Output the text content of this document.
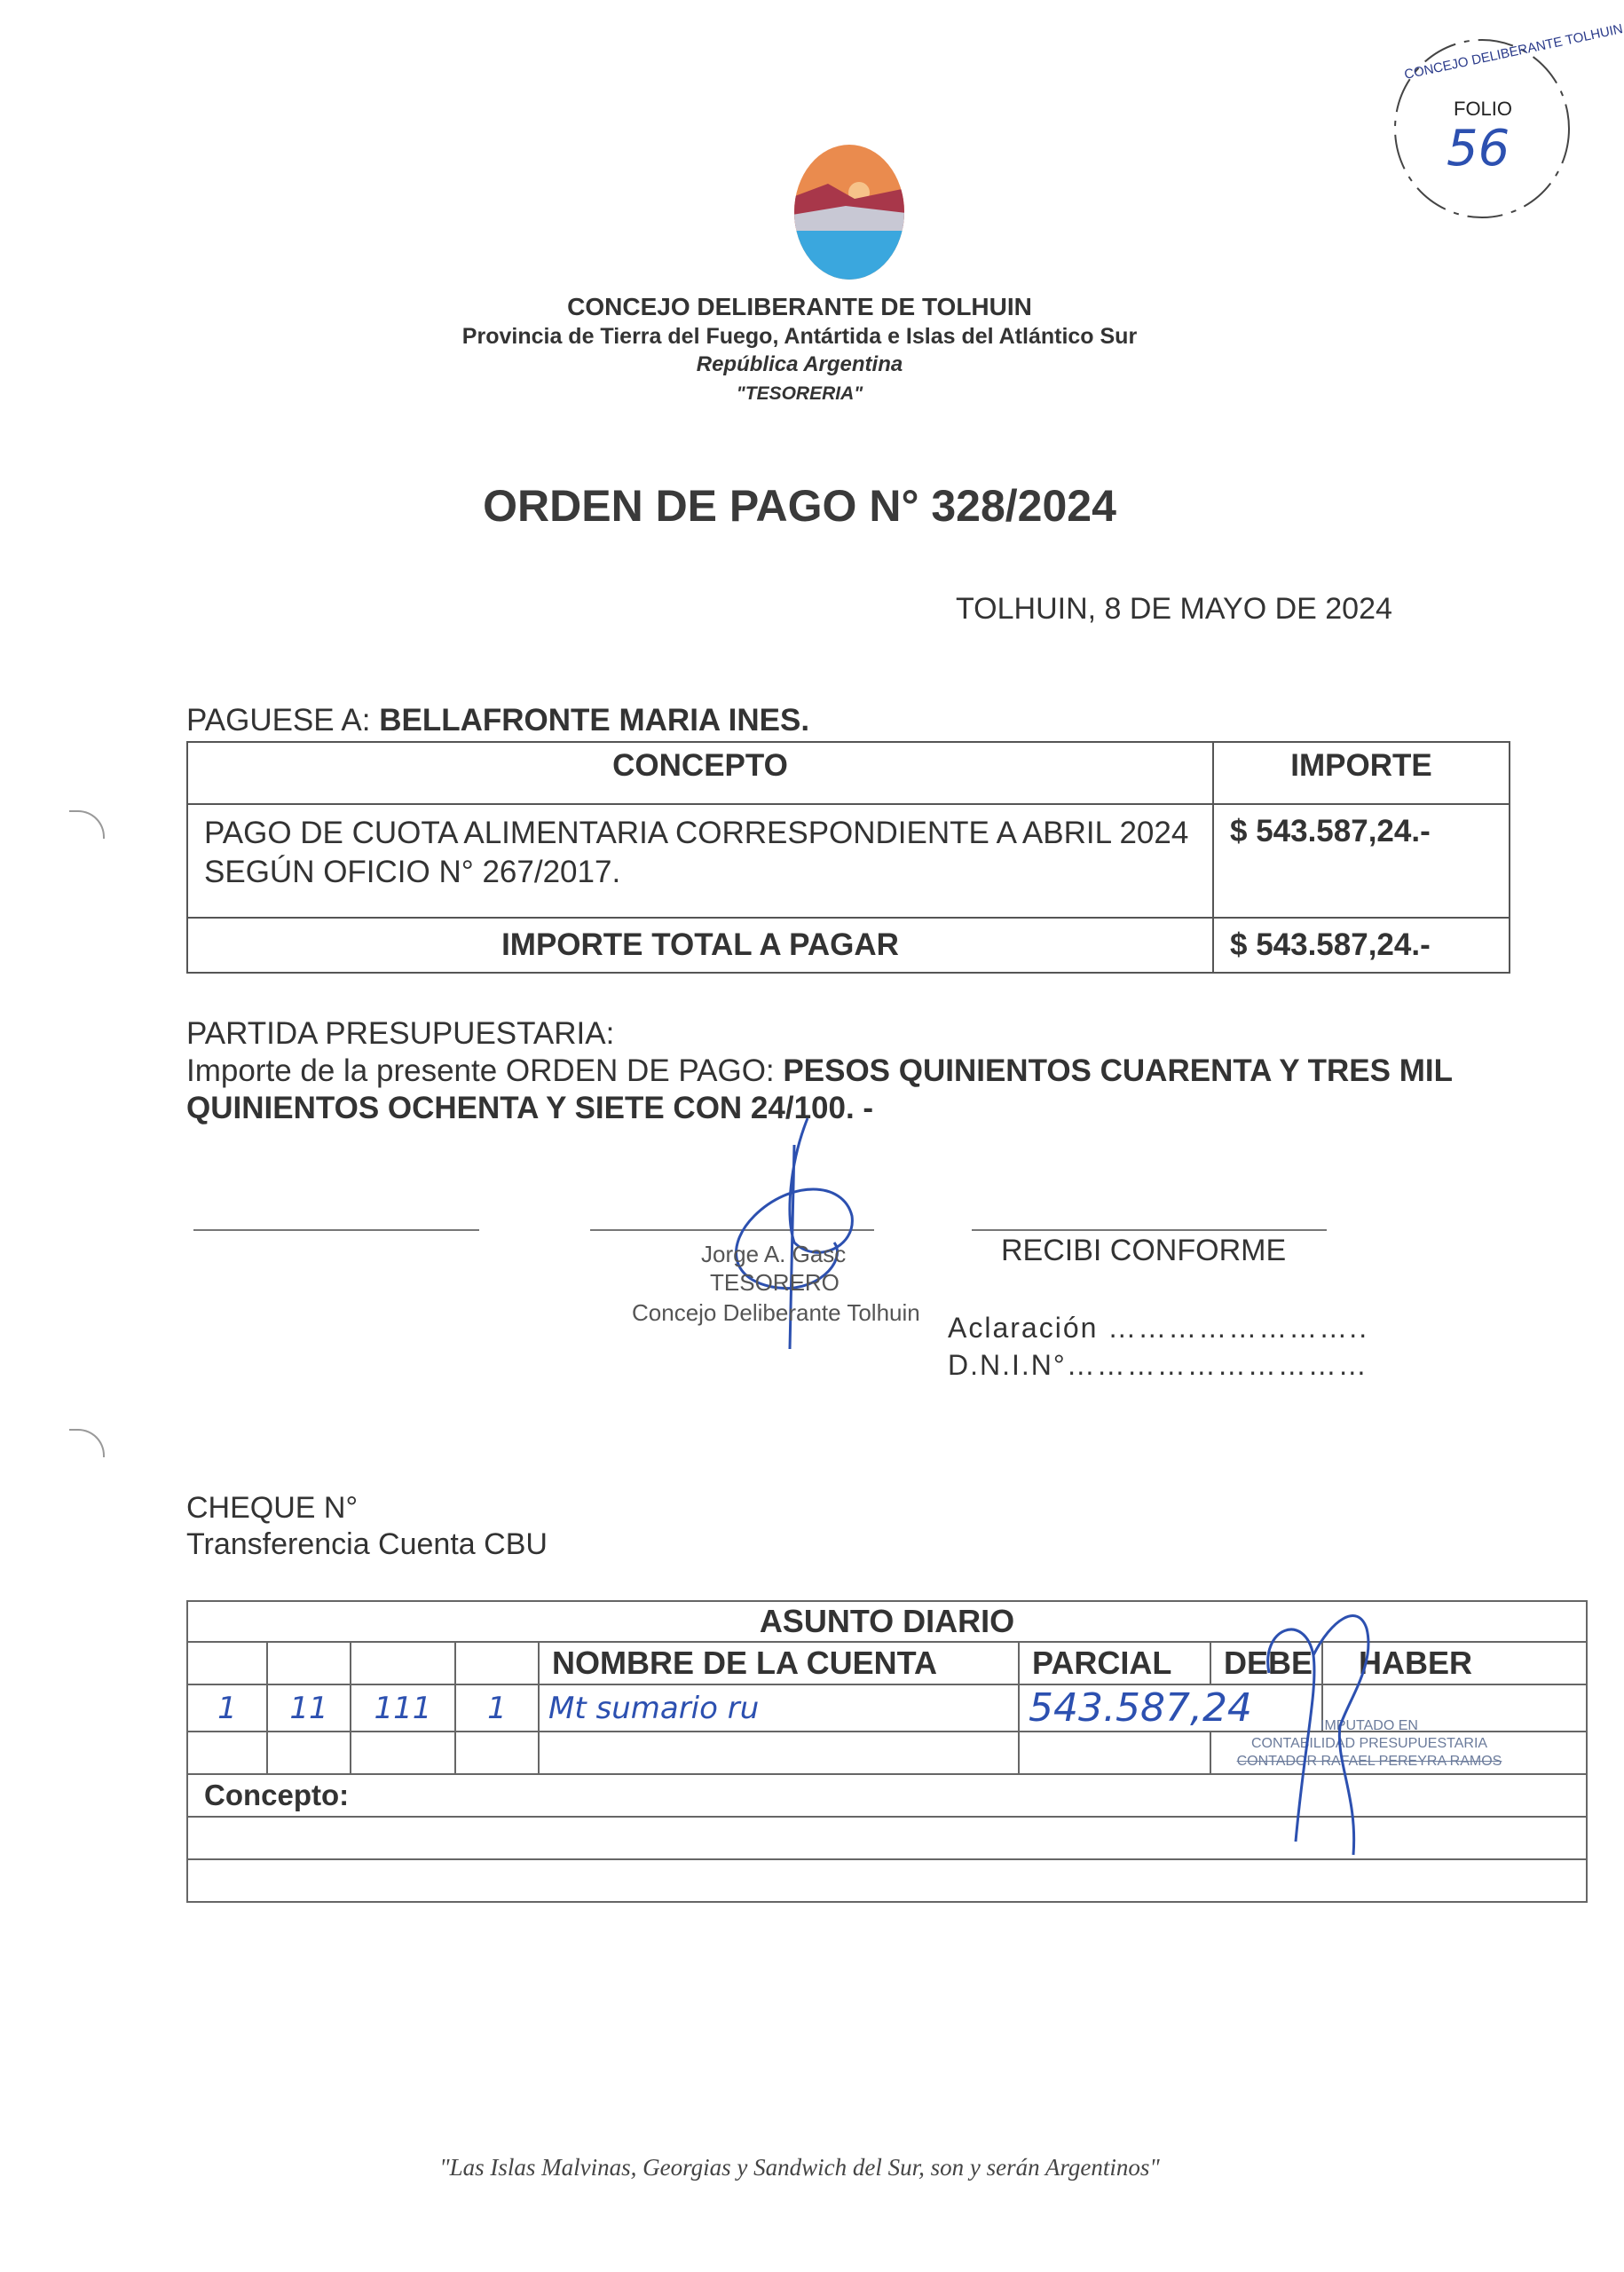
CONCEJO DELIBERANTE TOLHUIN
FOLIO
56
CONCEJO DELIBERANTE DE TOLHUIN
Provincia de Tierra del Fuego, Antártida e Islas del Atlántico Sur
República Argentina
"TESORERIA"
ORDEN DE PAGO N° 328/2024
TOLHUIN, 8 DE MAYO DE 2024
PAGUESE A: BELLAFRONTE MARIA INES.
CONCEPTO	IMPORTE
PAGO DE CUOTA ALIMENTARIA CORRESPONDIENTE A ABRIL 2024 SEGÚN OFICIO N° 267/2017.	$ 543.587,24.-
IMPORTE TOTAL A PAGAR	$ 543.587,24.-
PARTIDA PRESUPUESTARIA:
Importe de la presente ORDEN DE PAGO: PESOS QUINIENTOS CUARENTA Y TRES MIL QUINIENTOS OCHENTA Y SIETE CON 24/100. -
Jorge A. Gasc
TESORERO
Concejo Deliberante Tolhuin
RECIBI CONFORME
Aclaración ……………………..
D.N.I.N°…………………………
CHEQUE N°
Transferencia Cuenta CBU
ASUNTO DIARIO							
				NOMBRE DE LA CUENTA	PARCIAL	DEBE	HABER
1	11	111	1	Mt sumario ru	543.587,24		

Concepto:							

IMPUTADO EN
CONTABILIDAD PRESUPUESTARIA
CONTADOR RAFAEL PEREYRA RAMOS
"Las Islas Malvinas, Georgias y Sandwich del Sur, son y serán Argentinos"
